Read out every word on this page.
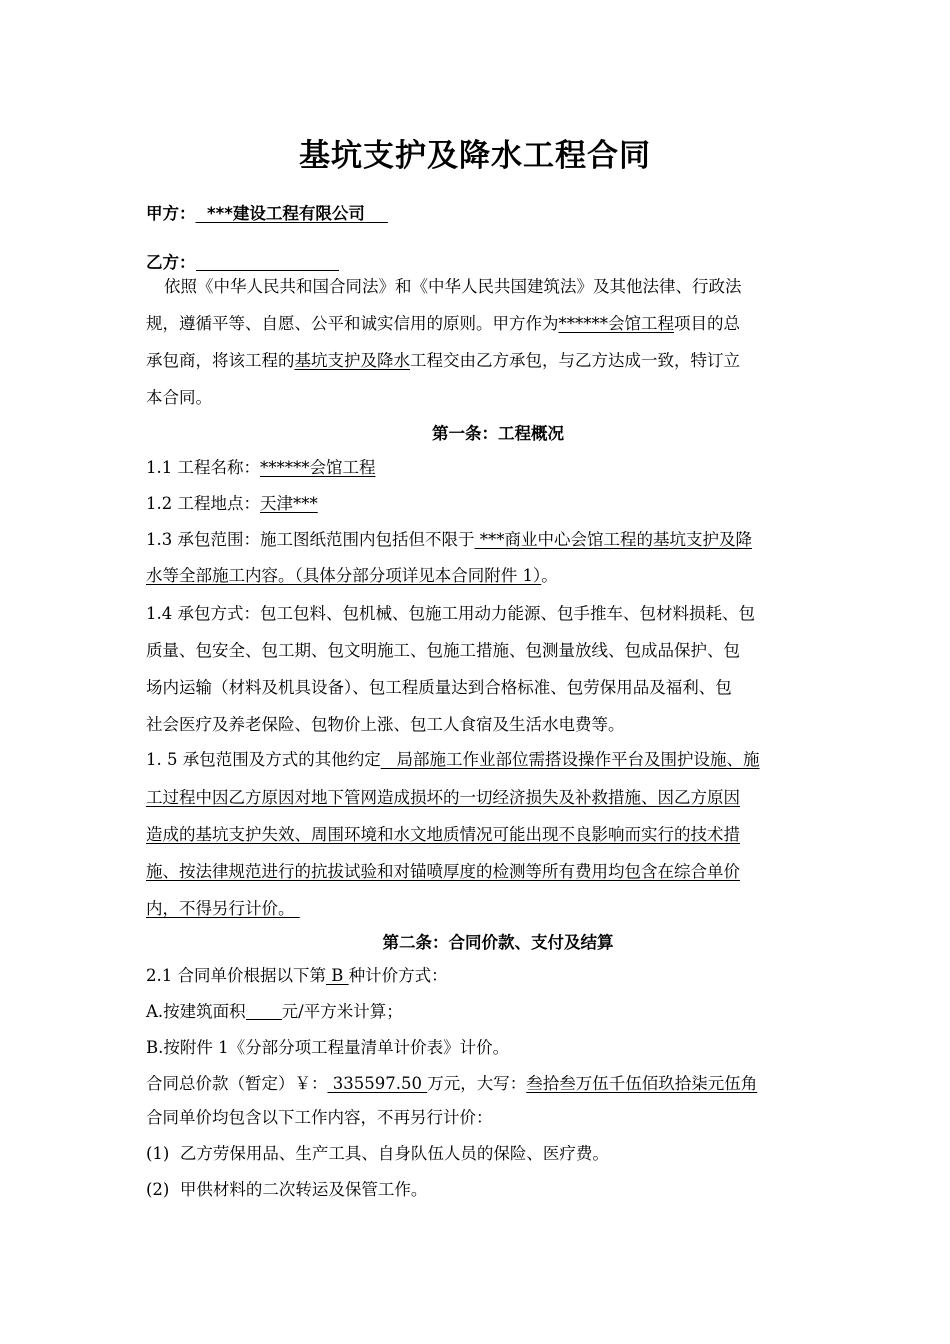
基坑支护及降水工程合同
甲方： ***建设工程有限公司
乙方：
依照《中华人民共和国合同法》和《中华人民共国建筑法》及其他法律、行政法
规，遵循平等、自愿、公平和诚实信用的原则。甲方作为******会馆工程项目的总
承包商，将该工程的基坑支护及降水工程交由乙方承包，与乙方达成一致，特订立
本合同。
第一条：工程概况
1.1 工程名称：******会馆工程
1.2 工程地点：天津***
1.3 承包范围：施工图纸范围内包括但不限于 ***商业中心会馆工程的基坑支护及降
水等全部施工内容。（具体分部分项详见本合同附件 1）。
1.4 承包方式：包工包料、包机械、包施工用动力能源、包手推车、包材料损耗、包
质量、包安全、包工期、包文明施工、包施工措施、包测量放线、包成品保护、包
场内运输（材料及机具设备）、包工程质量达到合格标准、包劳保用品及福利、包
社会医疗及养老保险、包物价上涨、包工人食宿及生活水电费等。
1. 5 承包范围及方式的其他约定   局部施工作业部位需搭设操作平台及围护设施、施
工过程中因乙方原因对地下管网造成损坏的一切经济损失及补救措施、因乙方原因
造成的基坑支护失效、周围环境和水文地质情况可能出现不良影响而实行的技术措
施、按法律规范进行的抗拔试验和对锚喷厚度的检测等所有费用均包含在综合单价
内，不得另行计价。
第二条：合同价款、支付及结算
2.1 合同单价根据以下第 B 种计价方式：
A.按建筑面积 元/平方米计算；
B.按附件 1《分部分项工程量清单计价表》计价。
合同总价款（暂定）￥： 335597.50 万元，大写：叁拾叁万伍千伍佰玖拾柒元伍角
合同单价均包含以下工作内容，不再另行计价：
(1) 乙方劳保用品、生产工具、自身队伍人员的保险、医疗费。
(2) 甲供材料的二次转运及保管工作。
